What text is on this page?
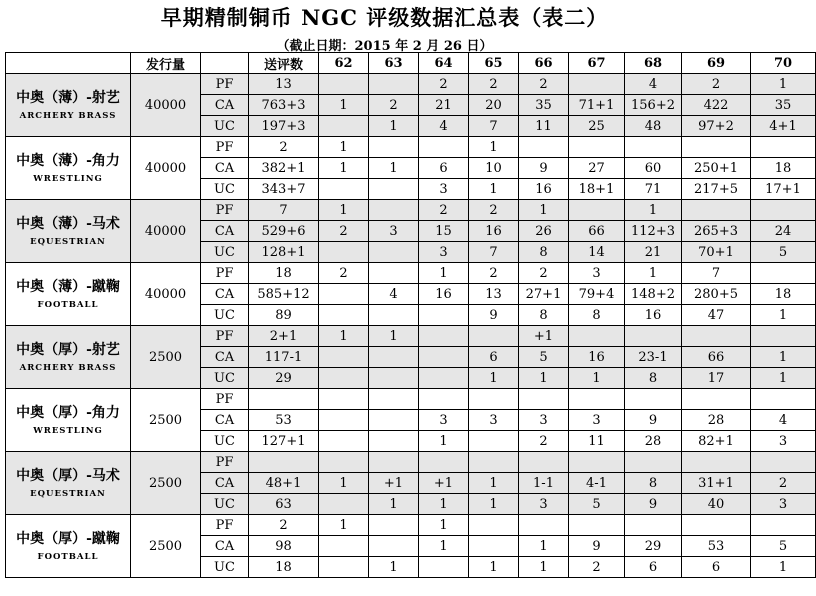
早期精制铜币 NGC 评级数据汇总表（表二）
（截止日期：2015 年 2 月 26 日）
	发行量		送评数	62	63	64	65	66	67	68	69	70

中奥（薄）-射艺
ARCHERY BRASS	40000	PF	13			2	2	2		4	2	1
		CA	763+3	1	2	21	20	35	71+1	156+2	422	35
		UC	197+3		1	4	7	11	25	48	97+2	4+1

中奥（薄）-角力
WRESTLING	40000	PF	2	1			1					
		CA	382+1	1	1	6	10	9	27	60	250+1	18
		UC	343+7			3	1	16	18+1	71	217+5	17+1

中奥（薄）-马术
EQUESTRIAN	40000	PF	7	1		2	2	1		1		
		CA	529+6	2	3	15	16	26	66	112+3	265+3	24
		UC	128+1			3	7	8	14	21	70+1	5

中奥（薄）-蹴鞠
FOOTBALL	40000	PF	18	2		1	2	2	3	1	7	
		CA	585+12		4	16	13	27+1	79+4	148+2	280+5	18
		UC	89				9	8	8	16	47	1

中奥（厚）-射艺
ARCHERY BRASS	2500	PF	2+1	1	1			+1				
		CA	117-1				6	5	16	23-1	66	1
		UC	29				1	1	1	8	17	1

中奥（厚）-角力
WRESTLING	2500	PF										
		CA	53			3	3	3	3	9	28	4
		UC	127+1			1		2	11	28	82+1	3

中奥（厚）-马术
EQUESTRIAN	2500	PF										
		CA	48+1	1	+1	+1	1	1-1	4-1	8	31+1	2
		UC	63		1	1	1	3	5	9	40	3

中奥（厚）-蹴鞠
FOOTBALL	2500	PF	2	1		1						
		CA	98			1		1	9	29	53	5
		UC	18		1		1	1	2	6	6	1
